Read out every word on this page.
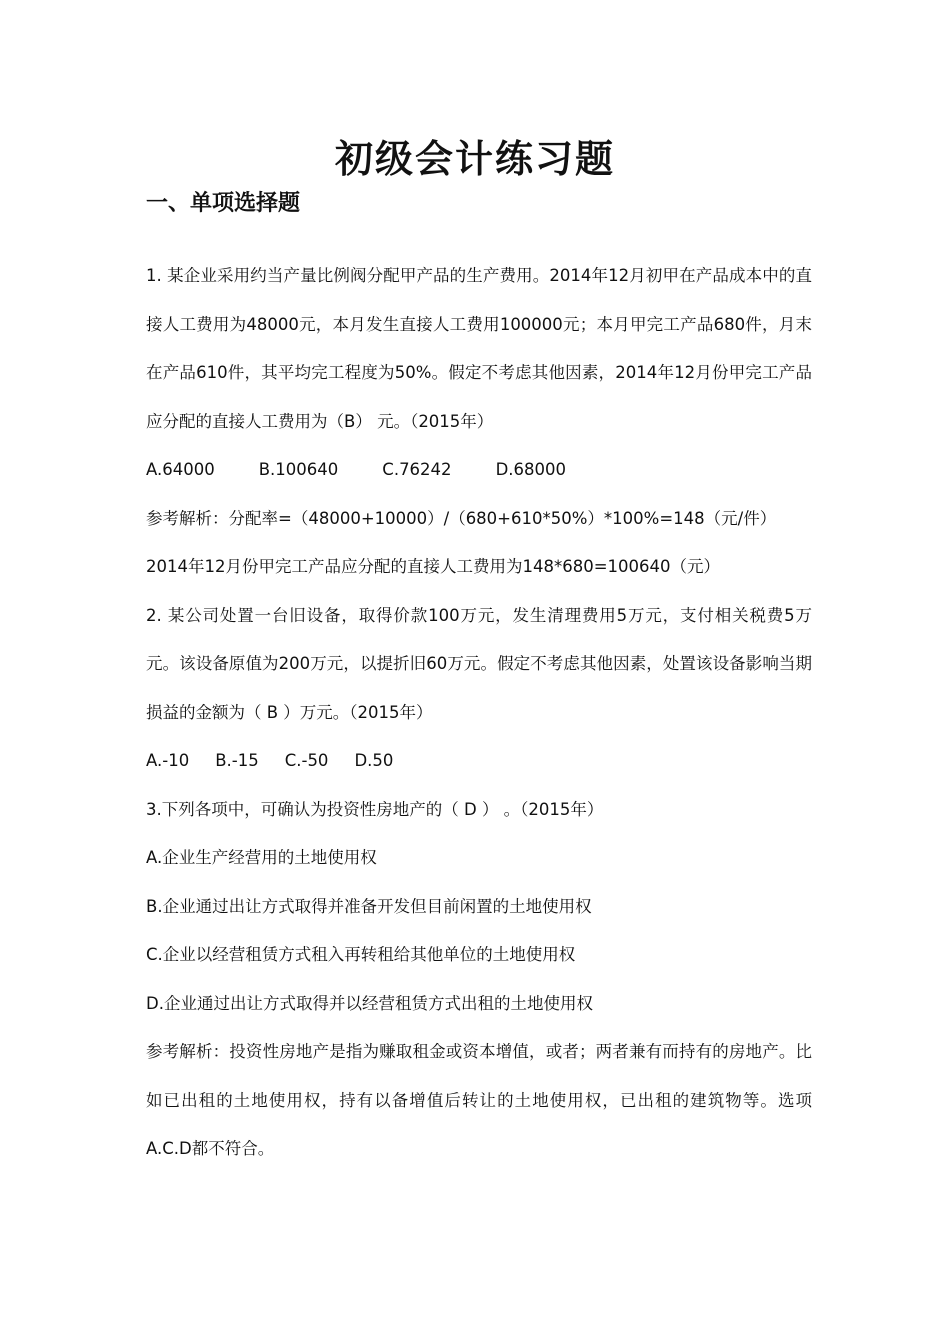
初级会计练习题
一、单项选择题

1. 某企业采用约当产量比例阀分配甲产品的生产费用。2014年12月初甲在产品成本中的直接人工费用为48000元，本月发生直接人工费用100000元；本月甲完工产品680件，月末在产品610件，其平均完工程度为50%。假定不考虑其他因素，2014年12月份甲完工产品应分配的直接人工费用为（B） 元。（2015年）

A.64000	B.100640	C.76242	D.68000

参考解析：分配率=（48000+10000）/（680+610*50%）*100%=148（元/件）

2014年12月份甲完工产品应分配的直接人工费用为148*680=100640（元）

2. 某公司处置一台旧设备，取得价款100万元，发生清理费用5万元，支付相关税费5万元。该设备原值为200万元，以提折旧60万元。假定不考虑其他因素，处置该设备影响当期损益的金额为（ B ）万元。（2015年）

A.-10 B.-15 C.-50 D.50

3.下列各项中，可确认为投资性房地产的（ D ） 。（2015年）

A.企业生产经营用的土地使用权

B.企业通过出让方式取得并准备开发但目前闲置的土地使用权

C.企业以经营租赁方式租入再转租给其他单位的土地使用权

D.企业通过出让方式取得并以经营租赁方式出租的土地使用权

参考解析：投资性房地产是指为赚取租金或资本增值，或者；两者兼有而持有的房地产。比如已出租的土地使用权，持有以备增值后转让的土地使用权，已出租的建筑物等。选项A.C.D都不符合。
